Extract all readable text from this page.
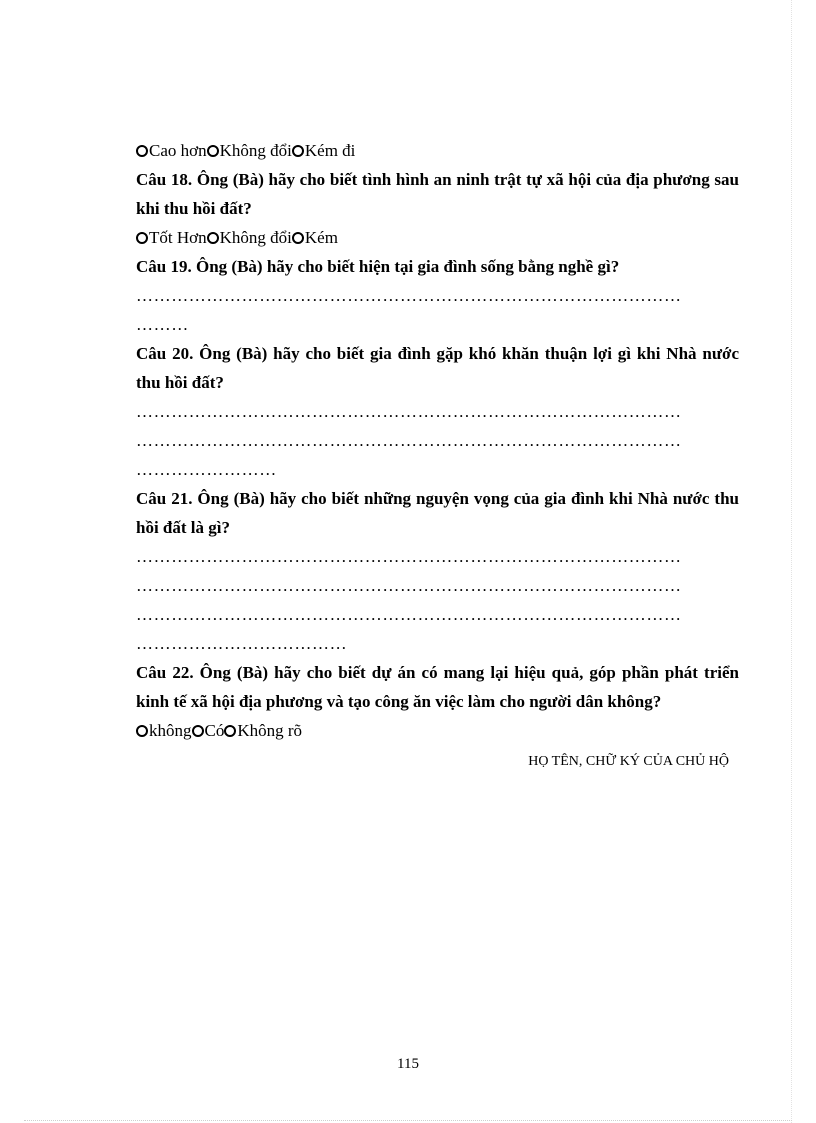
Cao hơn Không đổi Kém đi
Câu 18. Ông (Bà) hãy cho biết tình hình an ninh trật tự xã hội của địa phương sau khi thu hồi đất?
Tốt Hơn Không đổi Kém
Câu 19. Ông (Bà) hãy cho biết hiện tại gia đình sống bằng nghề gì?
…………………………………………………………………………………
………
Câu 20. Ông (Bà) hãy cho biết gia đình gặp khó khăn thuận lợi gì khi Nhà nước thu hồi đất?
…………………………………………………………………………………
…………………………………………………………………………………
……………………
Câu 21. Ông (Bà) hãy cho biết những nguyện vọng của gia đình khi Nhà nước thu hồi đất là gì?
…………………………………………………………………………………
…………………………………………………………………………………
…………………………………………………………………………………
………………………………
Câu 22. Ông (Bà) hãy cho biết dự án có mang lại hiệu quả, góp phần phát triển kinh tế xã hội địa phương và tạo công ăn việc làm cho người dân không?
không Có Không rõ
HỌ TÊN, CHỮ KÝ CỦA CHỦ HỘ
115
